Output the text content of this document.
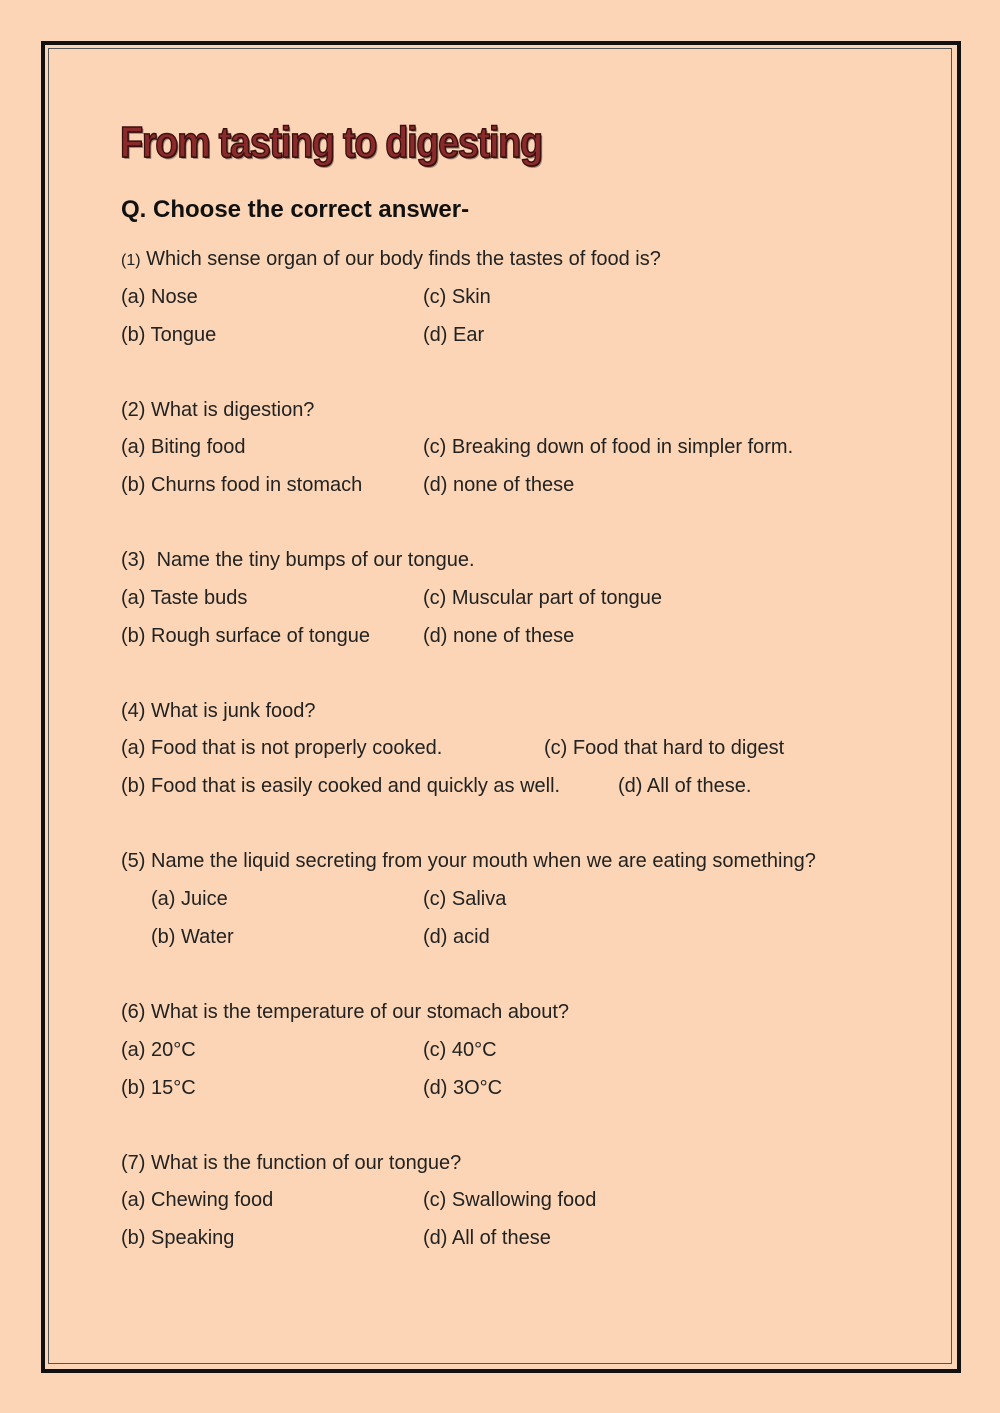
From tasting to digesting
Q. Choose the correct answer-
(1) Which sense organ of our body finds the tastes of food is?
(a) Nose	(c) Skin
(b) Tongue	(d) Ear
(2) What is digestion?
(a) Biting food	(c) Breaking down of food in simpler form.
(b) Churns food in stomach	(d) none of these
(3) Name the tiny bumps of our tongue.
(a) Taste buds	(c) Muscular part of tongue
(b) Rough surface of tongue	(d) none of these
(4) What is junk food?
(a) Food that is not properly cooked.	(c) Food that hard to digest
(b) Food that is easily cooked and quickly as well.	(d) All of these.
(5) Name the liquid secreting from your mouth when we are eating something?
(a) Juice	(c) Saliva
(b) Water	(d) acid
(6) What is the temperature of our stomach about?
(a) 20°C	(c) 40°C
(b) 15°C	(d) 3O°C
(7) What is the function of our tongue?
(a) Chewing food	(c) Swallowing food
(b) Speaking	(d) All of these
